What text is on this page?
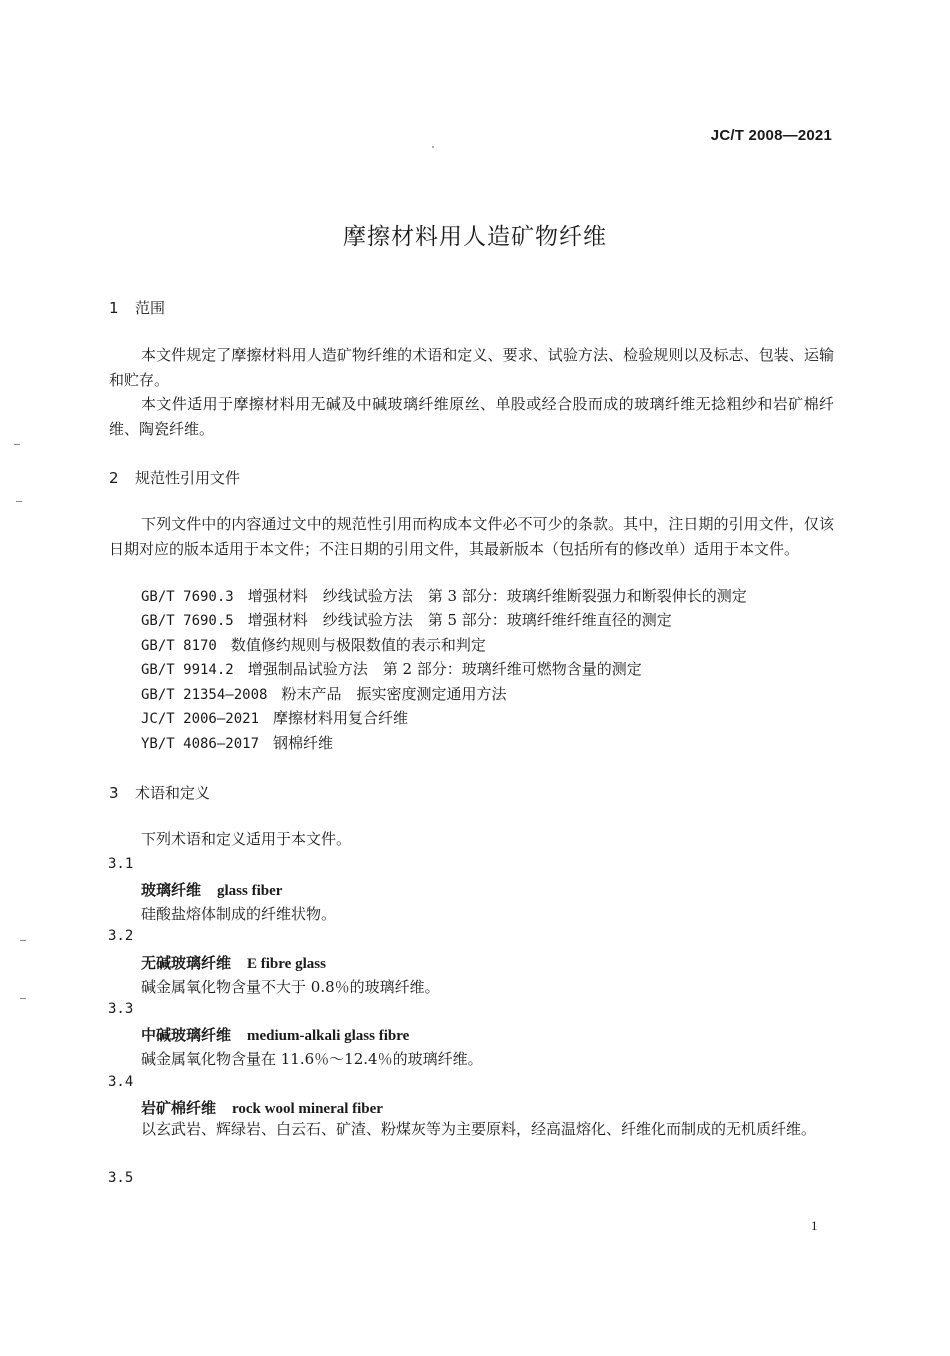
JC/T 2008—2021
摩擦材料用人造矿物纤维
1 范围
本文件规定了摩擦材料用人造矿物纤维的术语和定义、要求、试验方法、检验规则以及标志、包装、运输和贮存。
本文件适用于摩擦材料用无碱及中碱玻璃纤维原丝、单股或经合股而成的玻璃纤维无捻粗纱和岩矿棉纤维、陶瓷纤维。
2 规范性引用文件
下列文件中的内容通过文中的规范性引用而构成本文件必不可少的条款。其中，注日期的引用文件，仅该日期对应的版本适用于本文件；不注日期的引用文件，其最新版本（包括所有的修改单）适用于本文件。
GB/T 7690.3 增强材料　纱线试验方法　第 3 部分：玻璃纤维断裂强力和断裂伸长的测定
GB/T 7690.5 增强材料　纱线试验方法　第 5 部分：玻璃纤维纤维直径的测定
GB/T 8170 数值修约规则与极限数值的表示和判定
GB/T 9914.2 增强制品试验方法　第 2 部分：玻璃纤维可燃物含量的测定
GB/T 21354—2008 粉末产品　振实密度测定通用方法
JC/T 2006—2021 摩擦材料用复合纤维
YB/T 4086—2017 钢棉纤维
3 术语和定义
下列术语和定义适用于本文件。
3.1
玻璃纤维 glass fiber
硅酸盐熔体制成的纤维状物。
3.2
无碱玻璃纤维 E fibre glass
碱金属氧化物含量不大于 0.8％的玻璃纤维。
3.3
中碱玻璃纤维 medium-alkali glass fibre
碱金属氧化物含量在 11.6％～12.4％的玻璃纤维。
3.4
岩矿棉纤维 rock wool mineral fiber
以玄武岩、辉绿岩、白云石、矿渣、粉煤灰等为主要原料，经高温熔化、纤维化而制成的无机质纤维。
3.5
1
